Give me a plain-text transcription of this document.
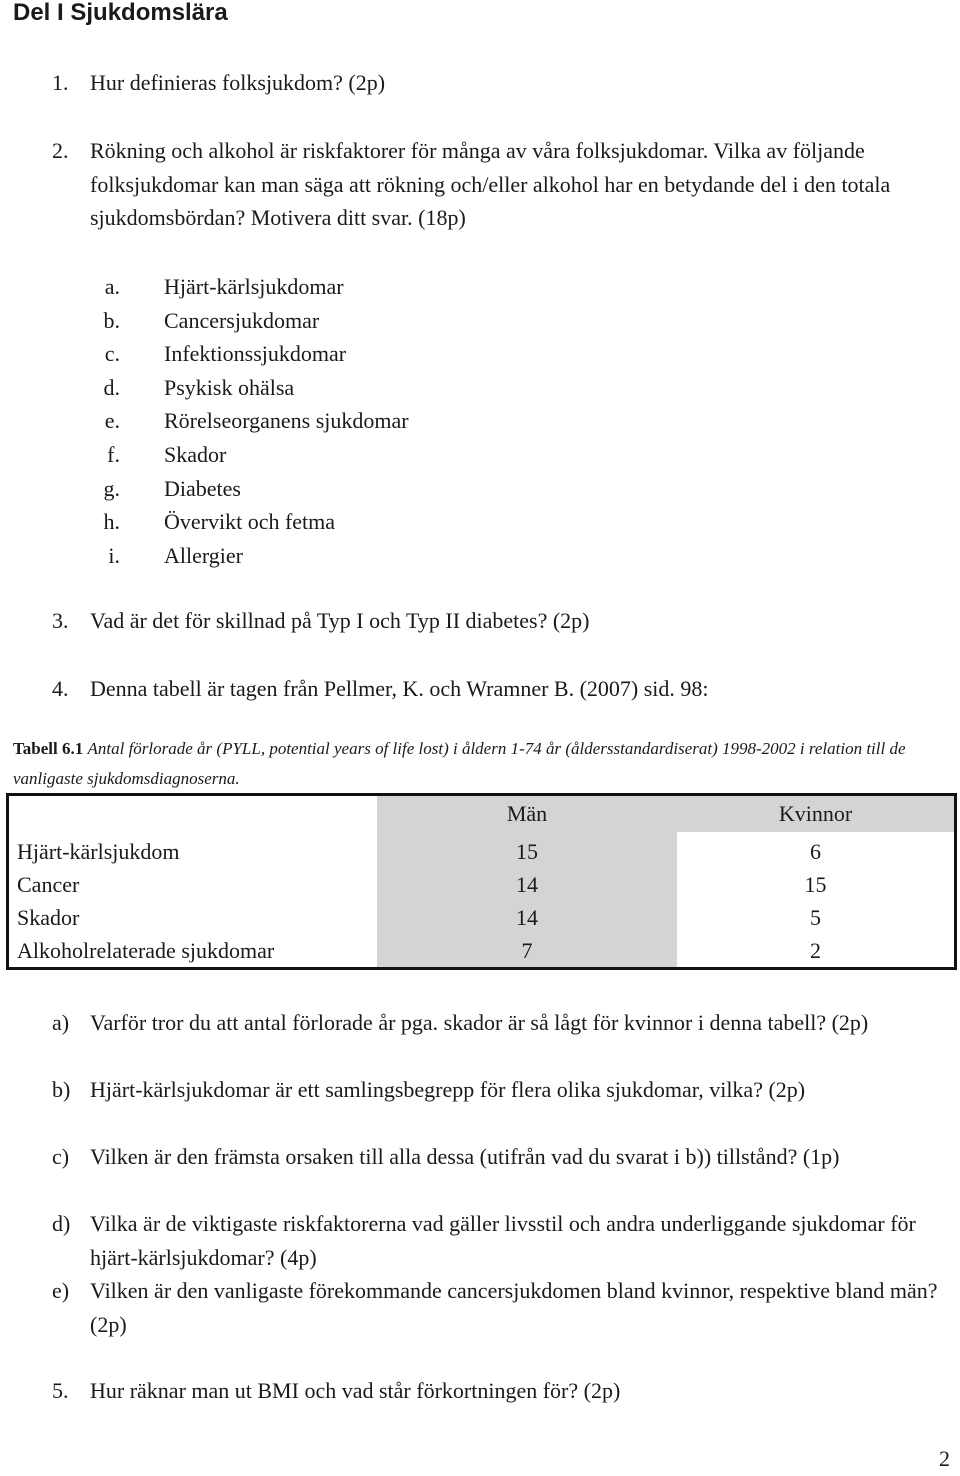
Del I Sjukdomslära
1. Hur definieras folksjukdom? (2p)
2. Rökning och alkohol är riskfaktorer för många av våra folksjukdomar. Vilka av följande folksjukdomar kan man säga att rökning och/eller alkohol har en betydande del i den totala sjukdomsbördan? Motivera ditt svar. (18p)
a. Hjärt-kärlsjukdomar
b. Cancersjukdomar
c. Infektionssjukdomar
d. Psykisk ohälsa
e. Rörelseorganens sjukdomar
f. Skador
g. Diabetes
h. Övervikt och fetma
i. Allergier
3. Vad är det för skillnad på Typ I och Typ II diabetes? (2p)
4. Denna tabell är tagen från Pellmer, K. och Wramner B. (2007) sid. 98:
Tabell 6.1 Antal förlorade år (PYLL, potential years of life lost) i åldern 1-74 år (åldersstandardiserat) 1998-2002 i relation till de vanligaste sjukdomsdiagnoserna.
	Män	Kvinnor
Hjärt-kärlsjukdom	15	6
Cancer	14	15
Skador	14	5
Alkoholrelaterade sjukdomar	7	2
a) Varför tror du att antal förlorade år pga. skador är så lågt för kvinnor i denna tabell? (2p)
b) Hjärt-kärlsjukdomar är ett samlingsbegrepp för flera olika sjukdomar, vilka? (2p)
c) Vilken är den främsta orsaken till alla dessa (utifrån vad du svarat i b)) tillstånd? (1p)
d) Vilka är de viktigaste riskfaktorerna vad gäller livsstil och andra underliggande sjukdomar för hjärt-kärlsjukdomar? (4p)
e) Vilken är den vanligaste förekommande cancersjukdomen bland kvinnor, respektive bland män? (2p)
5. Hur räknar man ut BMI och vad står förkortningen för? (2p)
2
